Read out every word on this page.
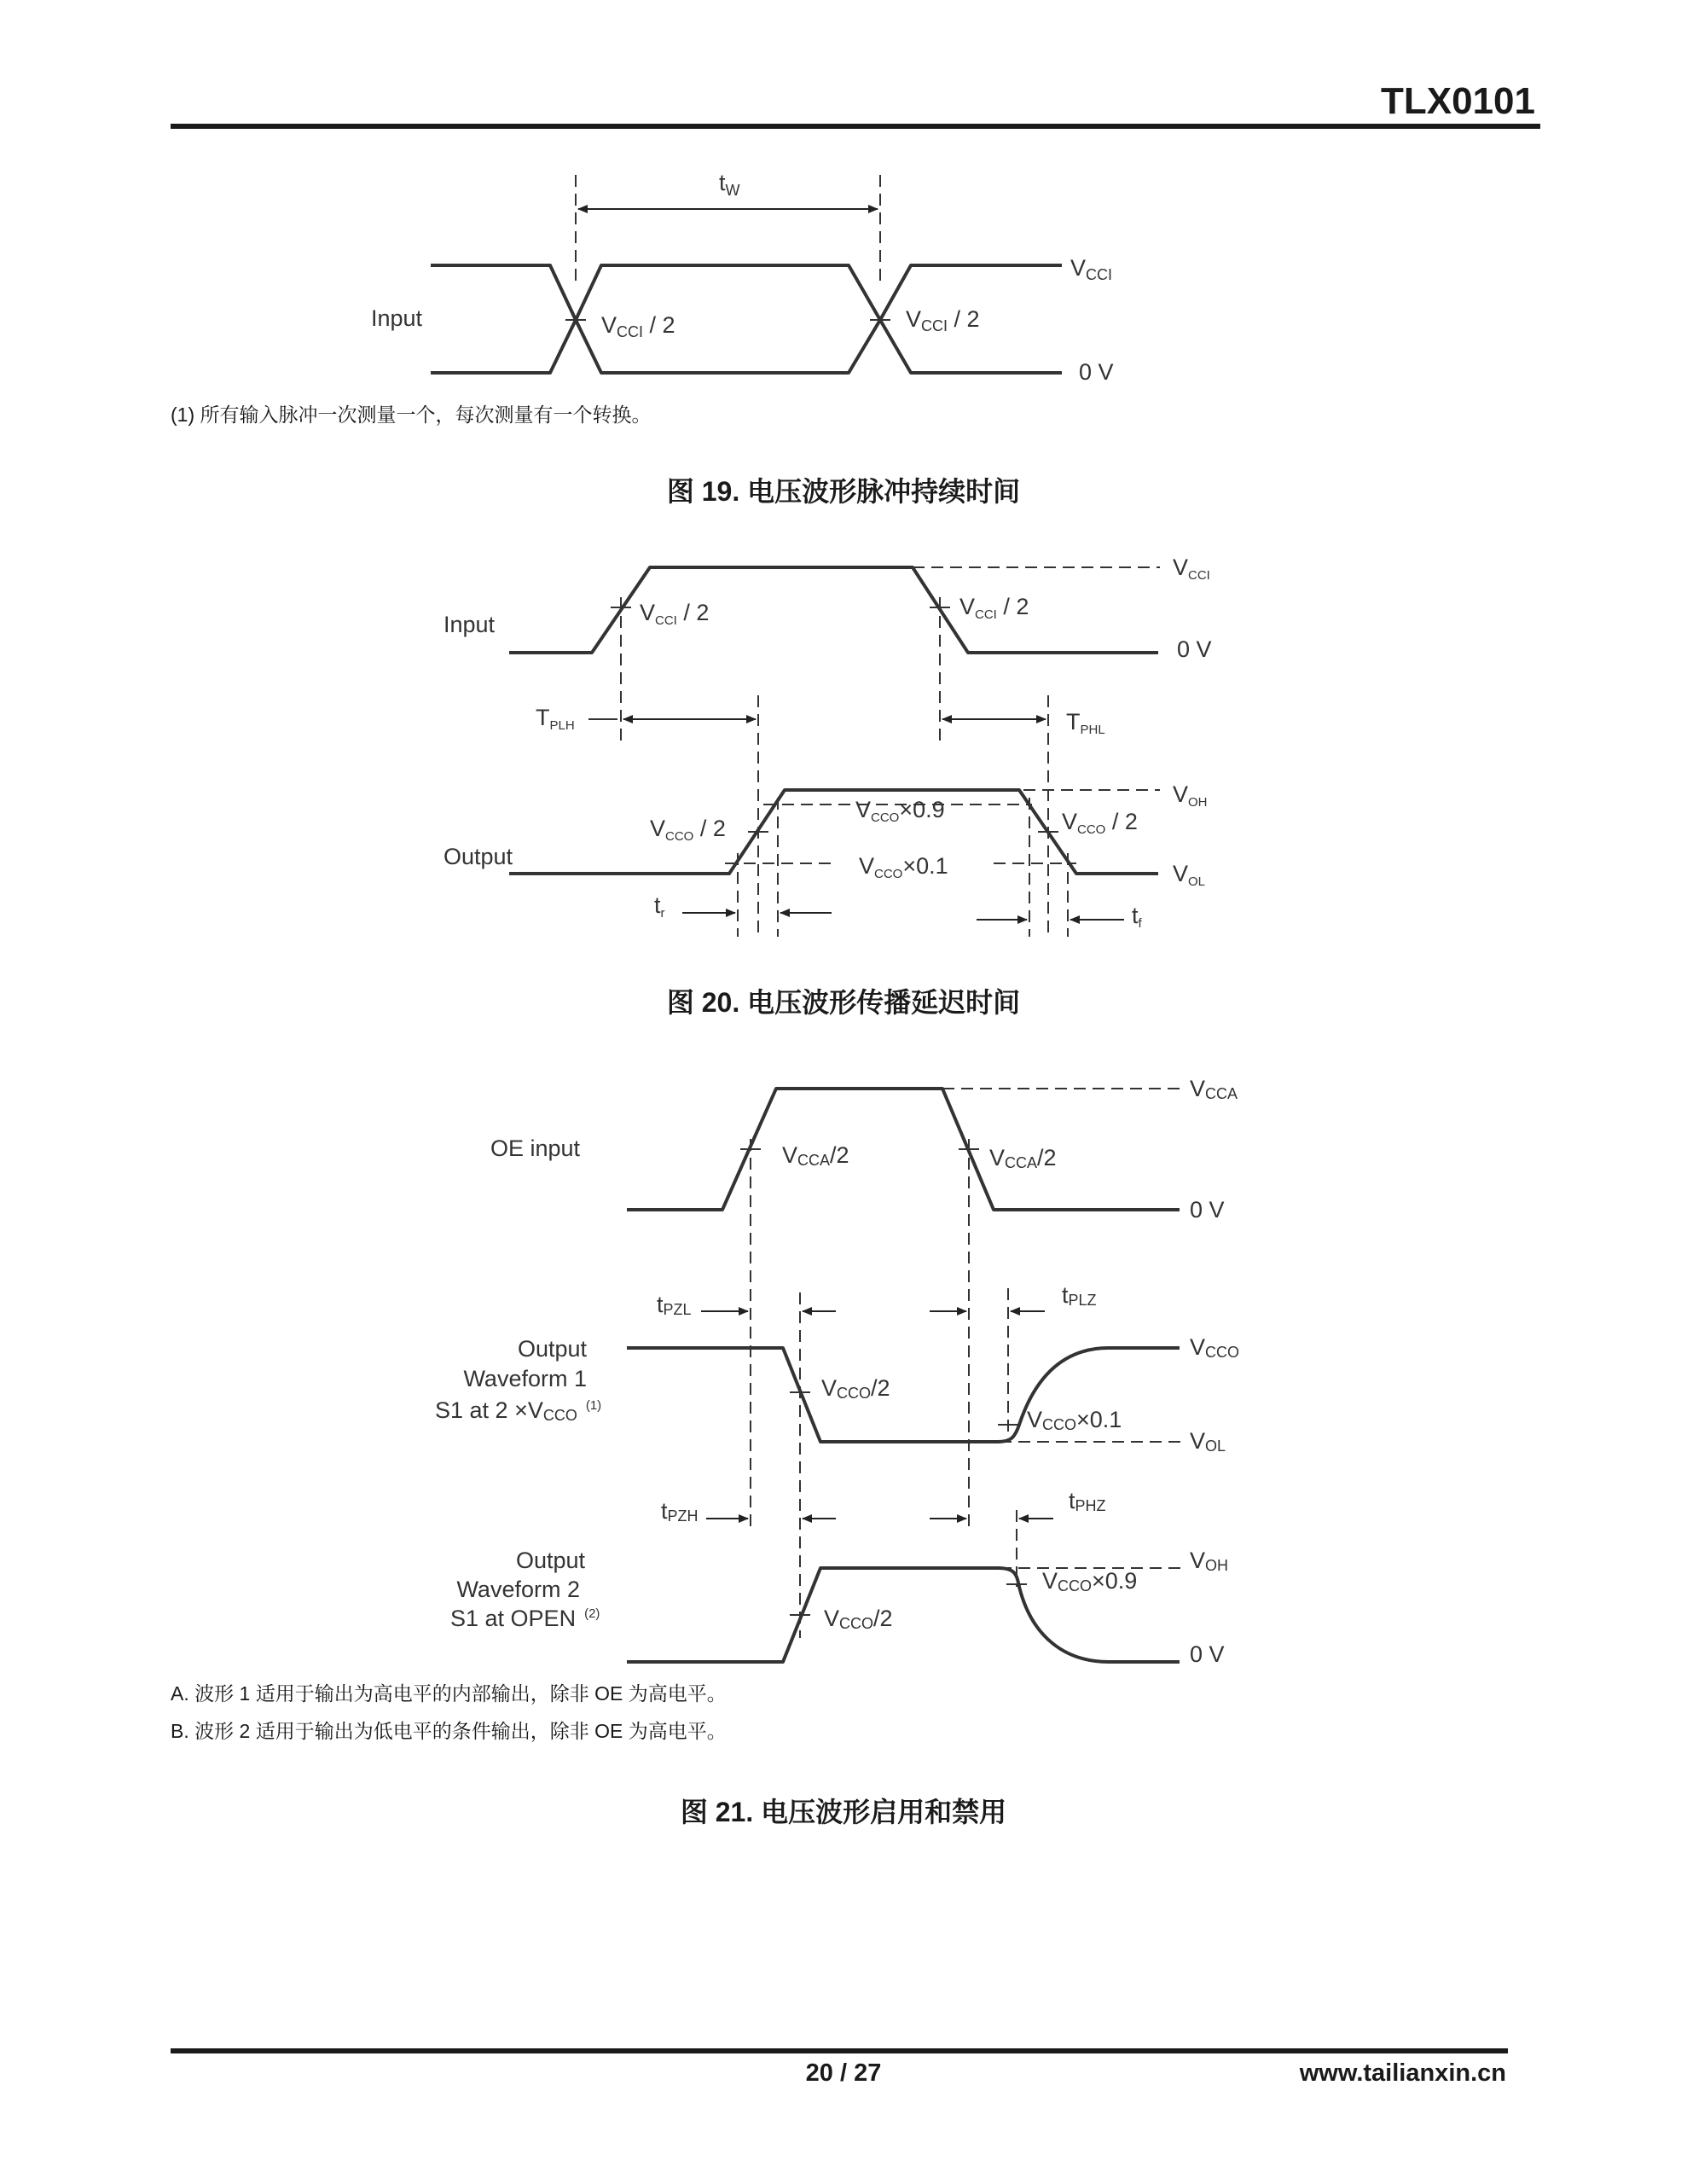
TLX0101
$t_W$
Input	VCCI / 2	VCCI / 2
VCCI
0 V
(1) 所有输入脉冲一次测量一个，每次测量有一个转换。
图 19. 电压波形脉冲持续时间
TPLH	TPHL
Input
Output
VCCI / 2	VCCI / 2
VCCI
0 V
VCCO / 2	VCCO / 2
VCCO×0.9
VCCO×0.1
VOH
VOL
tr	tf
图 20. 电压波形传播延迟时间
OE input
Output
Waveform 1
S1 at $2 \times VCCO^{(1)}$
Output
Waveform 2
S1 at OPEN $^{(2)}$
VCCA/2	VCCA/2
VCCA
0 V
tPZL
tPLZ
VCCO/2
VCCO×0.1
VCCO
VOL
tPZH
tPHZ
VCCO×0.9
VCCO/2
VOH
0 V
A. 波形 1 适用于输出为高电平的内部输出，除非 OE 为高电平。
B. 波形 2 适用于输出为低电平的条件输出，除非 OE 为高电平。
图 21. 电压波形启用和禁用
20 / 27	www.tailianxin.cn
